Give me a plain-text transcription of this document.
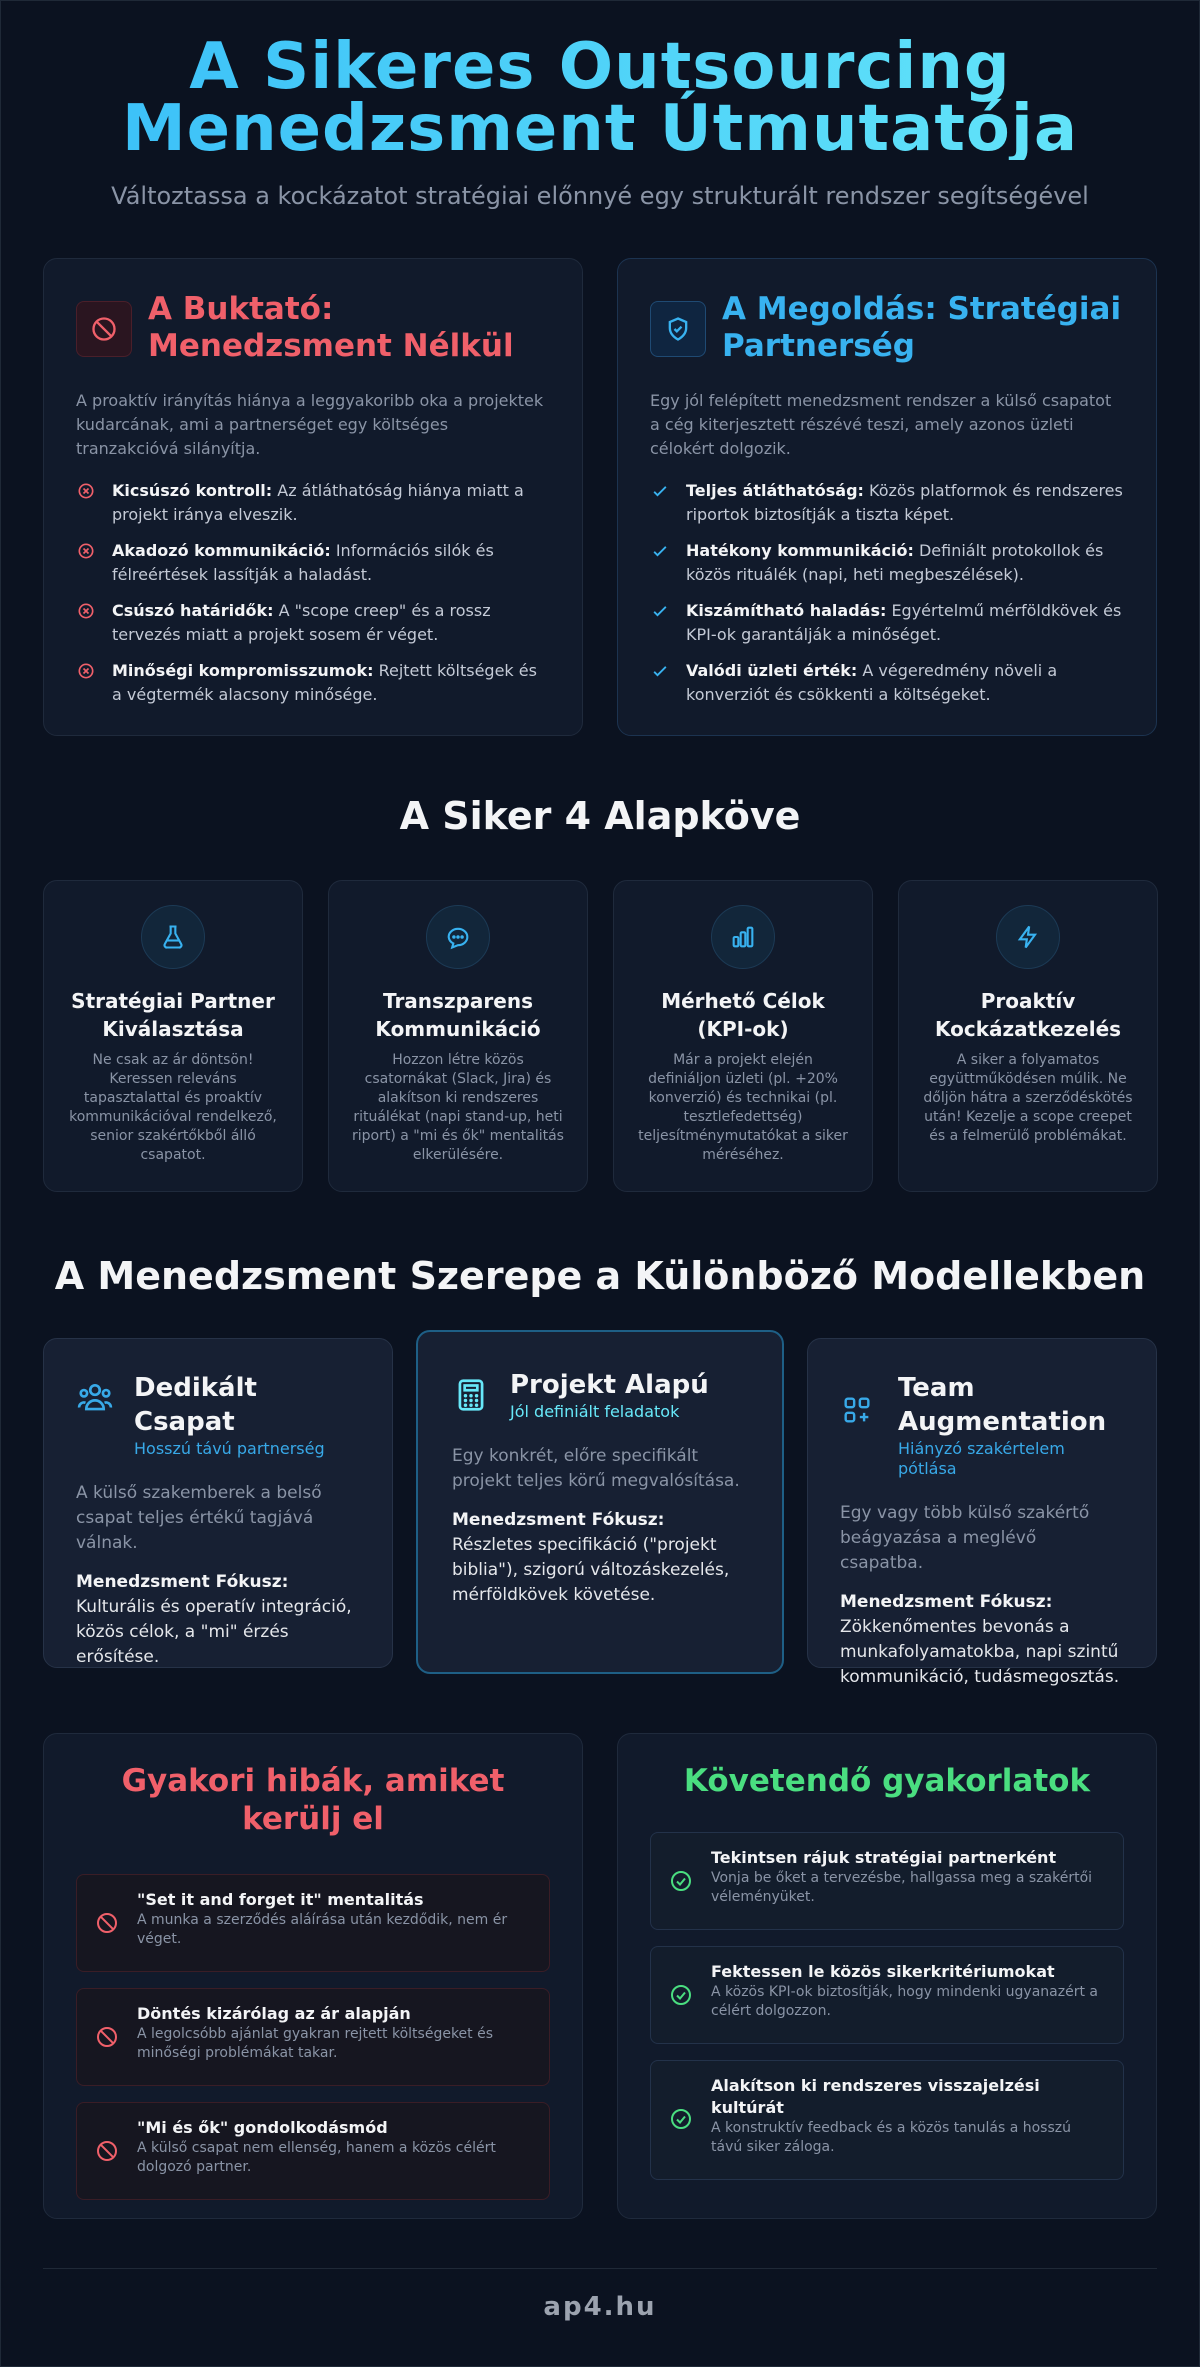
A Sikeres Outsourcing
Menedzsment Útmutatója
Változtassa a kockázatot stratégiai előnnyé egy strukturált rendszer segítségével
A Buktató: Menedzsment Nélkül
A proaktív irányítás hiánya a leggyakoribb oka a projektek kudarcának, ami a partnerséget egy költséges tranzakcióvá silányítja.
Kicsúszó kontroll: Az átláthatóság hiánya miatt a projekt iránya elveszik.
Akadozó kommunikáció: Információs silók és félreértések lassítják a haladást.
Csúszó határidők: A "scope creep" és a rossz tervezés miatt a projekt sosem ér véget.
Minőségi kompromisszumok: Rejtett költségek és a végtermék alacsony minősége.
A Megoldás: Stratégiai Partnerség
Egy jól felépített menedzsment rendszer a külső csapatot a cég kiterjesztett részévé teszi, amely azonos üzleti célokért dolgozik.
Teljes átláthatóság: Közös platformok és rendszeres riportok biztosítják a tiszta képet.
Hatékony kommunikáció: Definiált protokollok és közös rituálék (napi, heti megbeszélések).
Kiszámítható haladás: Egyértelmű mérföldkövek és KPI-ok garantálják a minőséget.
Valódi üzleti érték: A végeredmény növeli a konverziót és csökkenti a költségeket.
A Siker 4 Alapköve
Stratégiai Partner Kiválasztása

Ne csak az ár döntsön! Keressen releváns tapasztalattal és proaktív kommunikációval rendelkező, senior szakértőkből álló csapatot.

Transzparens Kommunikáció

Hozzon létre közös csatornákat (Slack, Jira) és alakítson ki rendszeres rituálékat (napi stand-up, heti riport) a "mi és ők" mentalitás elkerülésére.

Mérhető Célok (KPI-ok)

Már a projekt elején definiáljon üzleti (pl. +20% konverzió) és technikai (pl. tesztlefedettség) teljesítménymutatókat a siker méréséhez.

Proaktív Kockázatkezelés

A siker a folyamatos együttműködésen múlik. Ne dőljön hátra a szerződéskötés után! Kezelje a scope creepet és a felmerülő problémákat.

A Menedzsment Szerepe a Különböző Modellekben
Dedikált Csapat
Hosszú távú partnerség
A külső szakemberek a belső csapat teljes értékű tagjává válnak.
Menedzsment Fókusz: Kulturális és operatív integráció, közös célok, a "mi" érzés erősítése.
Projekt Alapú
Jól definiált feladatok
Egy konkrét, előre specifikált projekt teljes körű megvalósítása.
Menedzsment Fókusz: Részletes specifikáció ("projekt biblia"), szigorú változáskezelés, mérföldkövek követése.
Team Augmentation
Hiányzó szakértelem pótlása
Egy vagy több külső szakértő beágyazása a meglévő csapatba.
Menedzsment Fókusz: Zökkenőmentes bevonás a munkafolyamatokba, napi szintű kommunikáció, tudásmegosztás.
Gyakori hibák, amiket kerülj el
"Set it and forget it" mentalitás
A munka a szerződés aláírása után kezdődik, nem ér véget.
Döntés kizárólag az ár alapján
A legolcsóbb ajánlat gyakran rejtett költségeket és minőségi problémákat takar.
"Mi és ők" gondolkodásmód
A külső csapat nem ellenség, hanem a közös célért dolgozó partner.
Követendő gyakorlatok
Tekintsen rájuk stratégiai partnerként
Vonja be őket a tervezésbe, hallgassa meg a szakértői véleményüket.
Fektessen le közös sikerkritériumokat
A közös KPI-ok biztosítják, hogy mindenki ugyanazért a célért dolgozzon.
Alakítson ki rendszeres visszajelzési kultúrát
A konstruktív feedback és a közös tanulás a hosszú távú siker záloga.
ap4.hu
